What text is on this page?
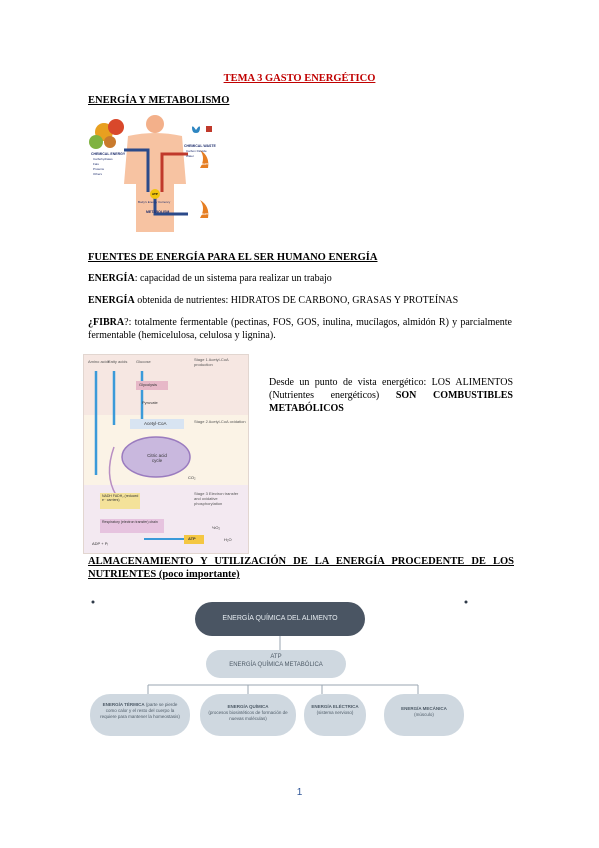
TEMA 3 GASTO ENERGÉTICO
ENERGÍA Y METABOLISMO
CHEMICAL ENERGY
Carbohydrates
Fats
Proteins
Others
CHEMICAL WASTE
Carbon Dioxide
Water
ATP
Body's Energy Currency
METABOLISM
HEAT
HEAT
FUENTES DE ENERGÍA PARA EL SER HUMANO ENERGÍA
ENERGÍA: capacidad de un sistema para realizar un trabajo
ENERGÍA obtenida de nutrientes: HIDRATOS DE CARBONO, GRASAS Y PROTEÍNAS
¿FIBRA?: totalmente fermentable (pectinas, FOS, GOS, inulina, mucílagos, almidón R) y parcialmente fermentable (hemicelulosa, celulosa y lignina).
Amino acids
Fatty acids Glucose	Stage 1 Acetyl-CoA production
Glycolysis
Pyruvate
Acetyl-CoA	Stage 2 Acetyl-CoA oxidation
Citric acid cycle
CO₂
NADH FADH₂ (reduced e⁻ carriers)
Stage 3 Electron transfer and oxidative phosphorylation
Respiratory (electron transfer) chain
ADP + Pᵢ
ATP
½O₂
H₂O
Desde un punto de vista energético: LOS ALIMENTOS (Nutrientes energéticos) SON COMBUSTIBLES METABÓLICOS
ALMACENAMIENTO Y UTILIZACIÓN DE LA ENERGÍA PROCEDENTE DE LOS NUTRIENTES (poco importante)
ENERGÍA QUÍMICA DEL ALIMENTO
ATP
ENERGÍA QUÍMICA METABÓLICA
ENERGÍA TÉRMICA (parte se pierde como calor y el resto del cuerpo la requiere para mantener la homeostasis)
ENERGÍA QUÍMICA
(procesos biosintéticos de formación de nuevas moléculas)
ENERGÍA ELÉCTRICA
(sistema nervioso)
ENERGÍA MECÁNICA
(músculo)
1
